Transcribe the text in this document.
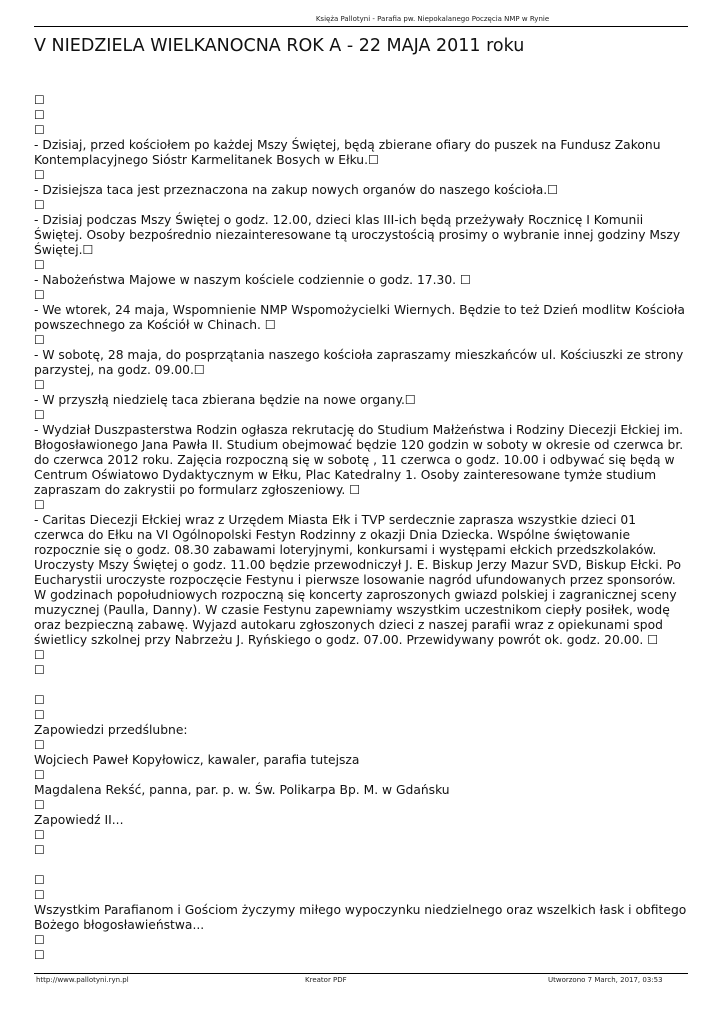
Księża Pallotyni - Parafia pw. Niepokalanego Poczęcia NMP w Rynie
V NIEDZIELA WIELKANOCNA ROK A - 22 MAJA 2011 roku
☐
☐
☐
- Dzisiaj, przed kościołem po każdej Mszy Świętej, będą zbierane ofiary do puszek na Fundusz Zakonu Kontemplacyjnego Sióstr Karmelitanek Bosych w Ełku.☐
☐
- Dzisiejsza taca jest przeznaczona na zakup nowych organów do naszego kościoła.☐
☐
- Dzisiaj podczas Mszy Świętej o godz. 12.00, dzieci klas III-ich będą przeżywały Rocznicę I Komunii Świętej. Osoby bezpośrednio niezainteresowane tą uroczystością prosimy o wybranie innej godziny Mszy Świętej.☐
☐
- Nabożeństwa Majowe w naszym kościele codziennie o godz. 17.30. ☐
☐
- We wtorek, 24 maja, Wspomnienie NMP Wspomożycielki Wiernych. Będzie to też Dzień modlitw Kościoła powszechnego za Kościół w Chinach. ☐
☐
- W sobotę, 28 maja, do posprzątania naszego kościoła zapraszamy mieszkańców ul. Kościuszki ze strony parzystej, na godz. 09.00.☐
☐
- W przyszłą niedzielę taca zbierana będzie na nowe organy.☐
☐
- Wydział Duszpasterstwa Rodzin ogłasza rekrutację do Studium Małżeństwa i Rodziny Diecezji Ełckiej im. Błogosławionego Jana Pawła II. Studium obejmować będzie 120 godzin w soboty w okresie od czerwca br. do czerwca 2012 roku. Zajęcia rozpoczną się w sobotę , 11 czerwca o godz. 10.00 i odbywać się będą w Centrum Oświatowo Dydaktycznym w Ełku, Plac Katedralny 1. Osoby zainteresowane tymże studium zapraszam do zakrystii po formularz zgłoszeniowy. ☐
☐
- Caritas Diecezji Ełckiej wraz z Urzędem Miasta Ełk i TVP serdecznie zaprasza wszystkie dzieci 01 czerwca do Ełku na VI Ogólnopolski Festyn Rodzinny z okazji Dnia Dziecka. Wspólne świętowanie rozpocznie się o godz. 08.30 zabawami loteryjnymi, konkursami i występami ełckich przedszkolaków. Uroczysty Mszy Świętej o godz. 11.00 będzie przewodniczył J. E. Biskup Jerzy Mazur SVD, Biskup Ełcki. Po Eucharystii uroczyste rozpoczęcie Festynu i pierwsze losowanie nagród ufundowanych przez sponsorów. W godzinach popołudniowych rozpoczną się koncerty zaproszonych gwiazd polskiej i zagranicznej sceny muzycznej (Paulla, Danny). W czasie Festynu zapewniamy wszystkim uczestnikom ciepły posiłek, wodę oraz bezpieczną zabawę. Wyjazd autokaru zgłoszonych dzieci z naszej parafii wraz z opiekunami spod świetlicy szkolnej przy Nabrzeżu J. Ryńskiego o godz. 07.00. Przewidywany powrót ok. godz. 20.00. ☐
☐
☐
☐
☐
Zapowiedzi przedślubne:
☐
Wojciech Paweł Kopyłowicz, kawaler, parafia tutejsza
☐
Magdalena Rekść, panna, par. p. w. Św. Polikarpa Bp. M. w Gdańsku
☐
Zapowiedź II...
☐
☐
☐
☐
Wszystkim Parafianom i Gościom życzymy miłego wypoczynku niedzielnego oraz wszelkich łask i obfitego Bożego błogosławieństwa...
☐
☐
http://www.pallotyni.ryn.pl	Kreator PDF	Utworzono 7 March, 2017, 03:53
